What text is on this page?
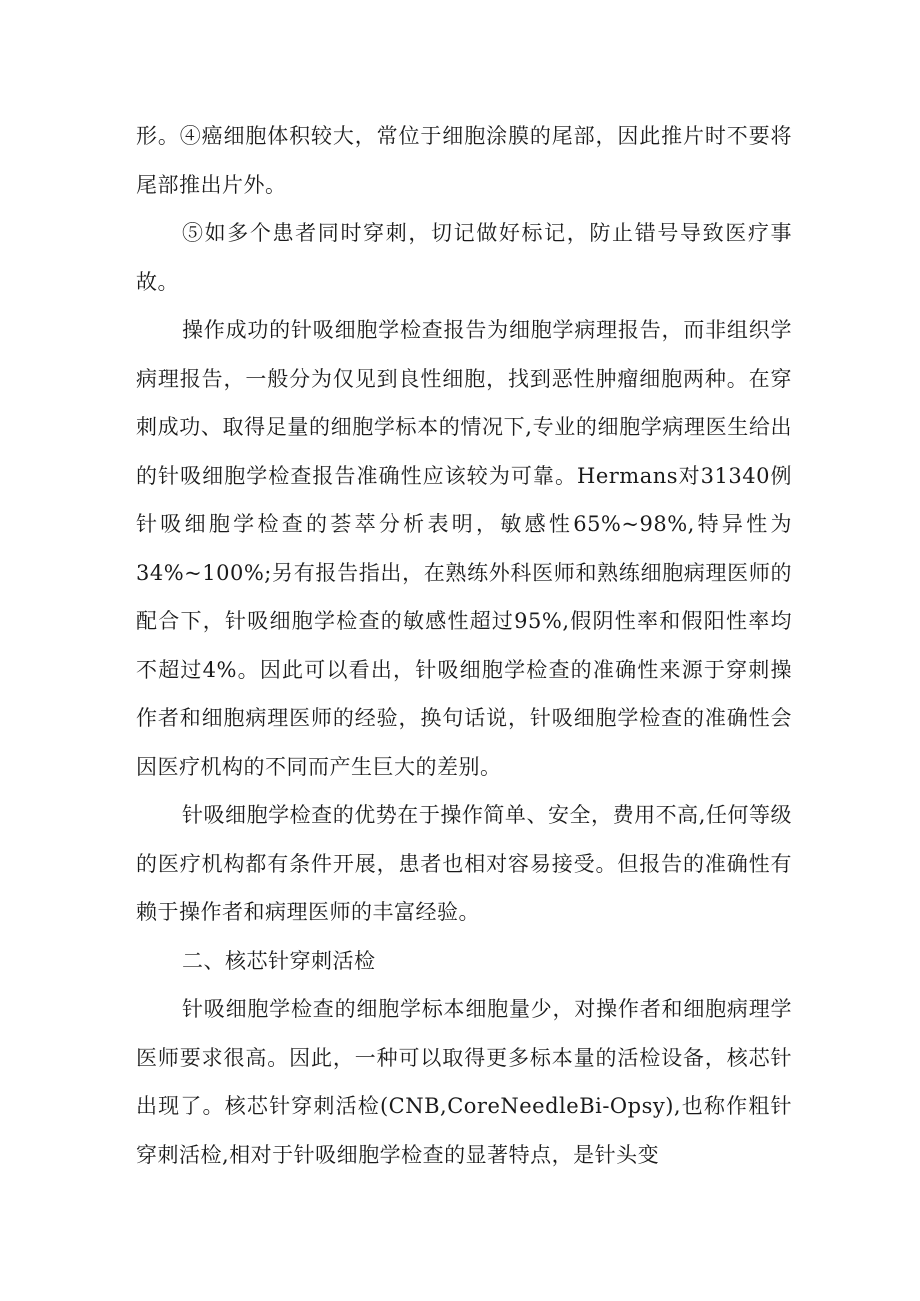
形。④癌细胞体积较大，常位于细胞涂膜的尾部，因此推片时不要将尾部推出片外。

⑤如多个患者同时穿刺，切记做好标记，防止错号导致医疗事故。

操作成功的针吸细胞学检查报告为细胞学病理报告，而非组织学病理报告，一般分为仅见到良性细胞，找到恶性肿瘤细胞两种。在穿刺成功、取得足量的细胞学标本的情况下,专业的细胞学病理医生给出的针吸细胞学检查报告准确性应该较为可靠。Hermans对31340例针吸细胞学检查的荟萃分析表明，敏感性65%~98%,特异性为34%~100%;另有报告指出，在熟练外科医师和熟练细胞病理医师的配合下，针吸细胞学检查的敏感性超过95%,假阴性率和假阳性率均不超过4%。因此可以看出，针吸细胞学检查的准确性来源于穿刺操作者和细胞病理医师的经验，换句话说，针吸细胞学检查的准确性会因医疗机构的不同而产生巨大的差别。

针吸细胞学检查的优势在于操作简单、安全，费用不高,任何等级的医疗机构都有条件开展，患者也相对容易接受。但报告的准确性有赖于操作者和病理医师的丰富经验。

二、核芯针穿刺活检

针吸细胞学检查的细胞学标本细胞量少，对操作者和细胞病理学医师要求很高。因此，一种可以取得更多标本量的活检设备，核芯针出现了。核芯针穿刺活检(CNB,CoreNeedleBi-Opsy),也称作粗针穿刺活检,相对于针吸细胞学检查的显著特点，是针头变
